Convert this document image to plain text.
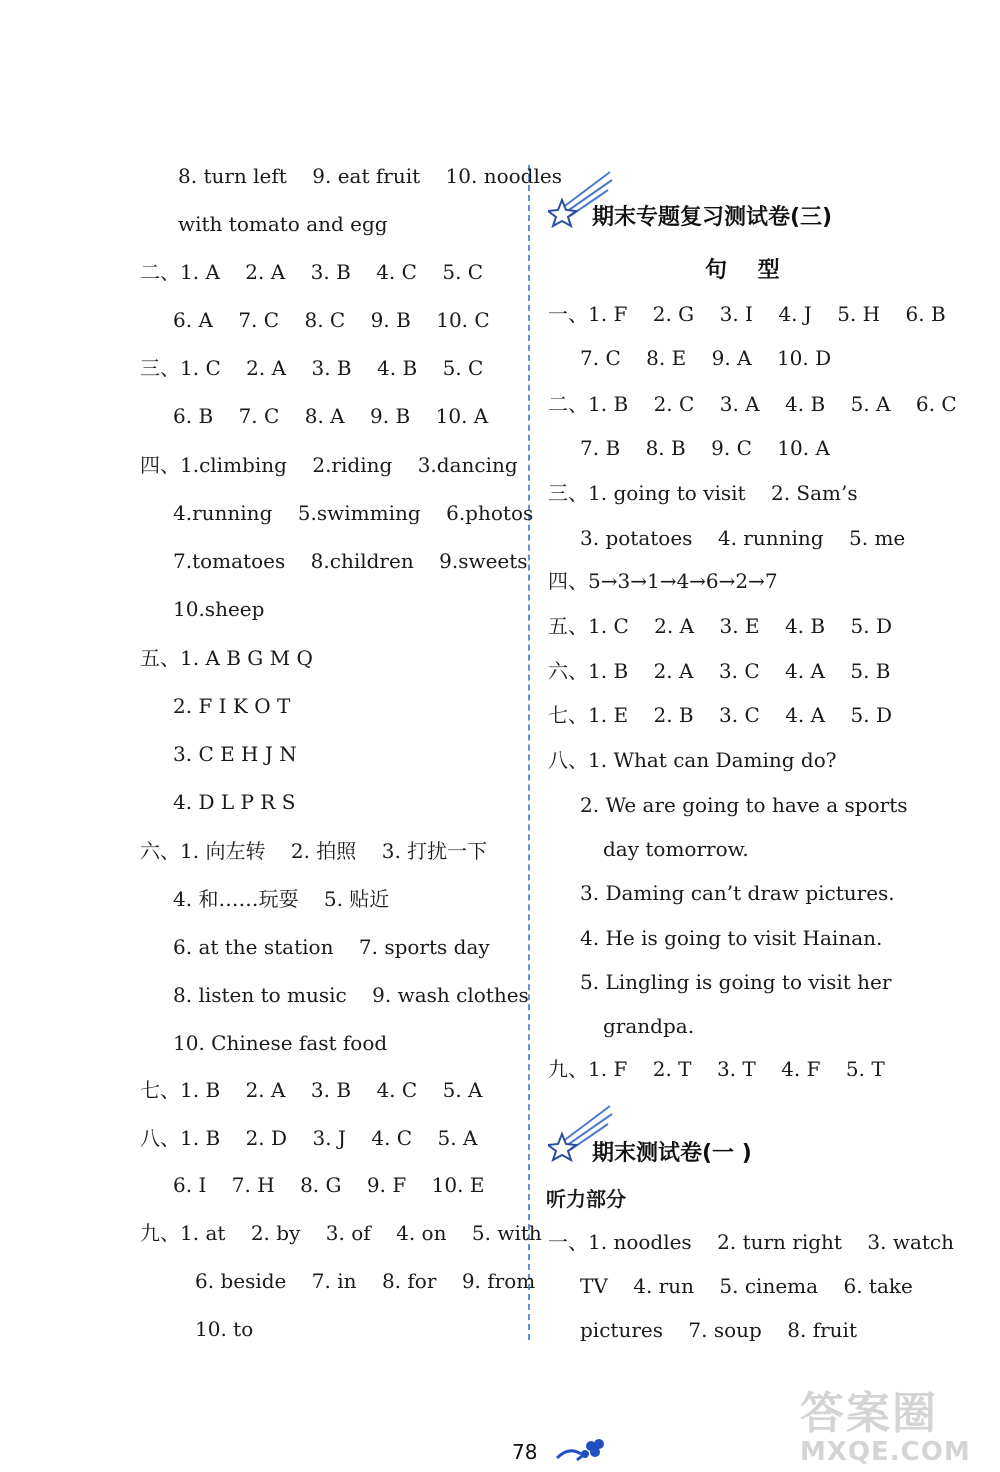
8. turn left    9. eat fruit    10. noodles
with tomato and egg
二、1. A    2. A    3. B    4. C    5. C
6. A    7. C    8. C    9. B    10. C
三、1. C    2. A    3. B    4. B    5. C
6. B    7. C    8. A    9. B    10. A
四、1.climbing    2.riding    3.dancing
4.running    5.swimming    6.photos
7.tomatoes    8.children    9.sweets
10.sheep
五、1. A B G M Q
2. F I K O T
3. C E H J N
4. D L P R S
六、1. 向左转    2. 拍照    3. 打扰一下
4. 和……玩耍    5. 贴近
6. at the station    7. sports day
8. listen to music    9. wash clothes
10. Chinese fast food
七、1. B    2. A    3. B    4. C    5. A
八、1. B    2. D    3. J    4. C    5. A
6. I    7. H    8. G    9. F    10. E
九、1. at    2. by    3. of    4. on    5. with
6. beside    7. in    8. for    9. from
10. to
一、1. F    2. G    3. I    4. J    5. H    6. B
7. C    8. E    9. A    10. D
二、1. B    2. C    3. A    4. B    5. A    6. C
7. B    8. B    9. C    10. A
三、1. going to visit    2. Sam’s
3. potatoes    4. running    5. me
四、5→3→1→4→6→2→7
五、1. C    2. A    3. E    4. B    5. D
六、1. B    2. A    3. C    4. A    5. B
七、1. E    2. B    3. C    4. A    5. D
八、1. What can Daming do?
2. We are going to have a sports
day tomorrow.
3. Daming can’t draw pictures.
4. He is going to visit Hainan.
5. Lingling is going to visit her
grandpa.
九、1. F    2. T    3. T    4. F    5. T
一、1. noodles    2. turn right    3. watch
TV    4. run    5. cinema    6. take
pictures    7. soup    8. fruit
期末专题复习测试卷(三)
句    型
期末测试卷(一 )
听力部分
78
答案圈
MXQE.COM
